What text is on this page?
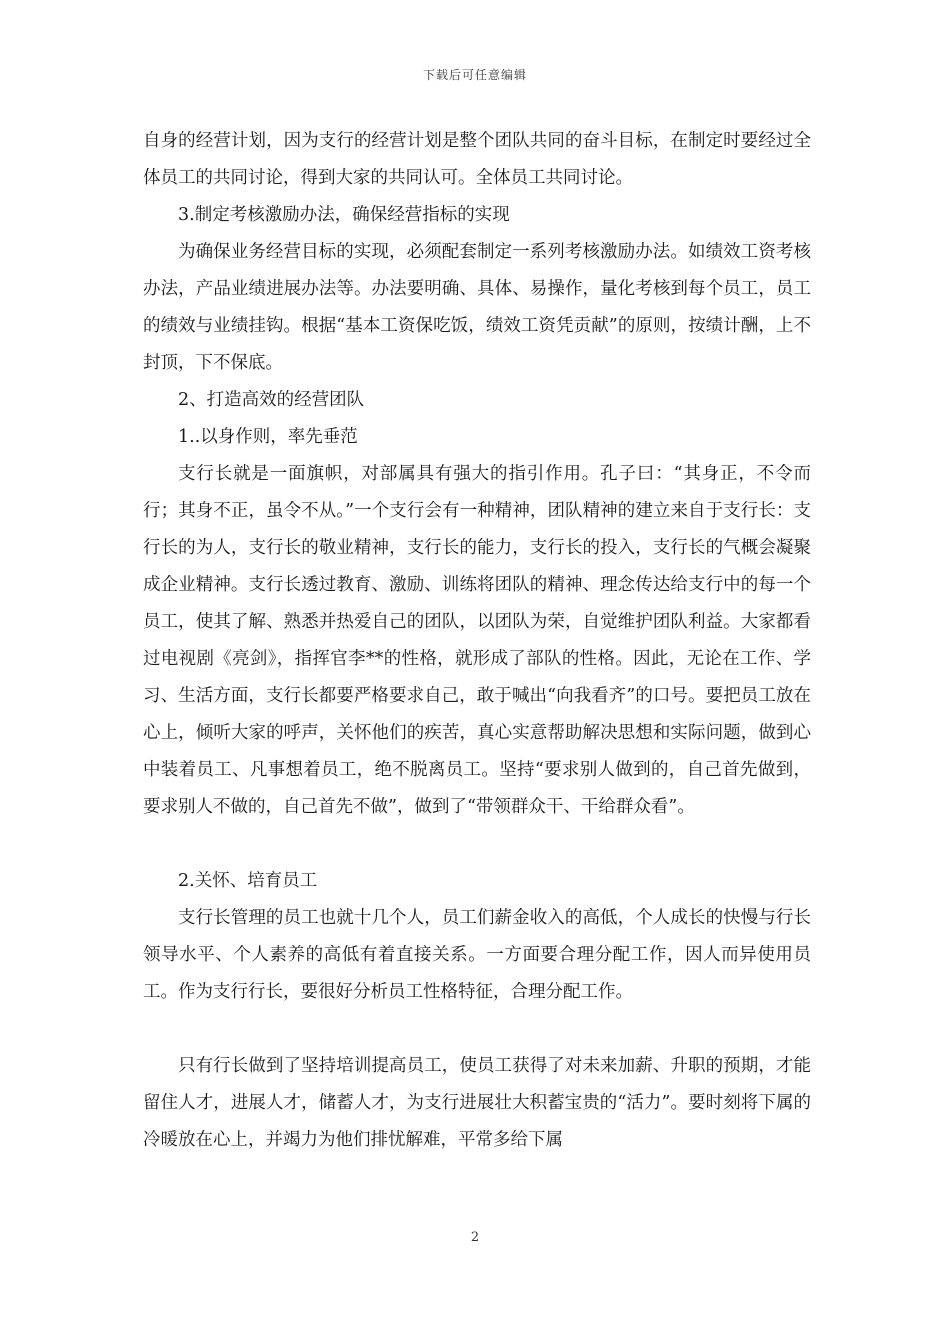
下载后可任意编辑

自身的经营计划，因为支行的经营计划是整个团队共同的奋斗目标，在制定时要经过全体员工的共同讨论，得到大家的共同认可。全体员工共同讨论。

3.制定考核激励办法，确保经营指标的实现

为确保业务经营目标的实现，必须配套制定一系列考核激励办法。如绩效工资考核办法，产品业绩进展办法等。办法要明确、具体、易操作，量化考核到每个员工，员工的绩效与业绩挂钩。根据“基本工资保吃饭，绩效工资凭贡献”的原则，按绩计酬，上不封顶，下不保底。

2、打造高效的经营团队

1..以身作则，率先垂范

支行长就是一面旗帜，对部属具有强大的指引作用。孔子曰：“其身正，不令而行；其身不正，虽令不从。”一个支行会有一种精神，团队精神的建立来自于支行长：支行长的为人，支行长的敬业精神，支行长的能力，支行长的投入，支行长的气概会凝聚成企业精神。支行长透过教育、激励、训练将团队的精神、理念传达给支行中的每一个员工，使其了解、熟悉并热爱自己的团队，以团队为荣，自觉维护团队利益。大家都看过电视剧《亮剑》，指挥官李**的性格，就形成了部队的性格。因此，无论在工作、学习、生活方面，支行长都要严格要求自己，敢于喊出“向我看齐”的口号。要把员工放在心上，倾听大家的呼声，关怀他们的疾苦，真心实意帮助解决思想和实际问题，做到心中装着员工、凡事想着员工，绝不脱离员工。坚持“要求别人做到的，自己首先做到，要求别人不做的，自己首先不做”，做到了“带领群众干、干给群众看”。

2.关怀、培育员工

支行长管理的员工也就十几个人，员工们薪金收入的高低，个人成长的快慢与行长领导水平、个人素养的高低有着直接关系。一方面要合理分配工作，因人而异使用员工。作为支行行长，要很好分析员工性格特征，合理分配工作。

只有行长做到了坚持培训提高员工，使员工获得了对未来加薪、升职的预期，才能留住人才，进展人才，储蓄人才，为支行进展壮大积蓄宝贵的“活力”。要时刻将下属的冷暖放在心上，并竭力为他们排忧解难，平常多给下属

2
